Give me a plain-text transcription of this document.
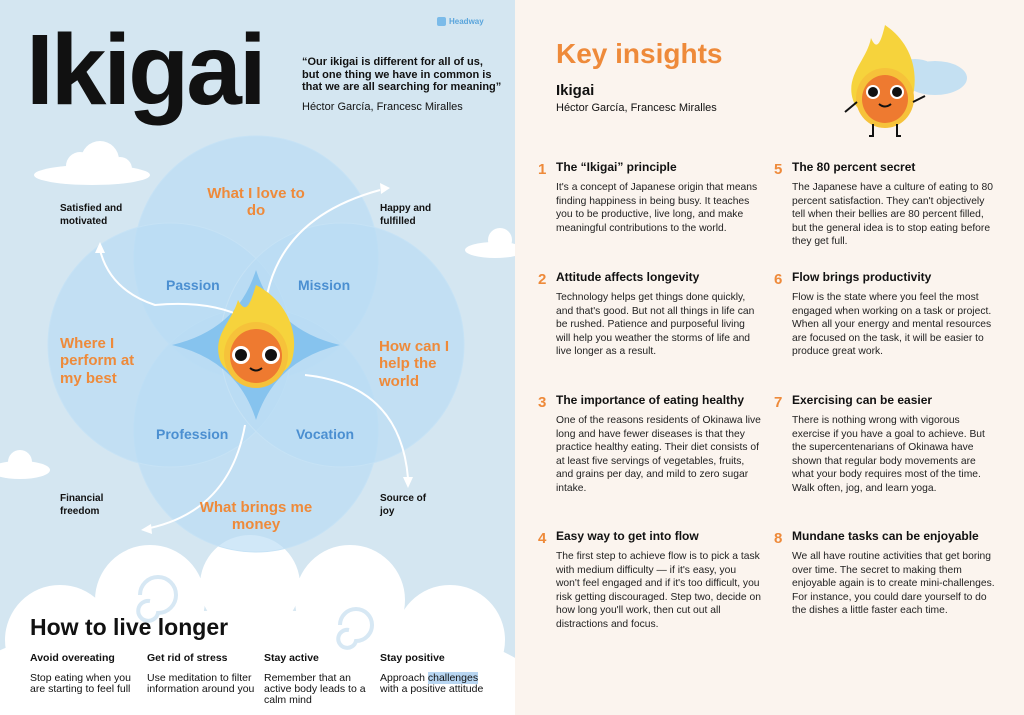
Ikigai	Headway
“Our ikigai is different for all of us, but one thing we have in common is that we are all searching for meaning”
Héctor García, Francesc Miralles
What I love to do
Where I perform at my best
How can I help the world
What brings me money
Passion	Mission
Profession	Vocation
Satisfied and motivated
Happy and fulfilled
Financial freedom
Source of joy
How to live longer
Avoid overeating
Stop eating when you are starting to feel full
Get rid of stress
Use meditation to filter information around you
Stay active
Remember that an active body leads to a calm mind
Stay positive
Approach challenges with a positive attitude
Key insights
Ikigai
Héctor García, Francesc Miralles
1 The “Ikigai” principle
It's a concept of Japanese origin that means finding happiness in being busy. It teaches you to be productive, live long, and make meaningful contributions to the world.
2 Attitude affects longevity
Technology helps get things done quickly, and that's good. But not all things in life can be rushed. Patience and purposeful living will help you weather the storms of life and live longer as a result.
3 The importance of eating healthy
One of the reasons residents of Okinawa live long and have fewer diseases is that they practice healthy eating. Their diet consists of at least five servings of vegetables, fruits, and grains per day, and mild to zero sugar intake.
4 Easy way to get into flow
The first step to achieve flow is to pick a task with medium difficulty — if it's easy, you won't feel engaged and if it's too difficult, you risk getting discouraged. Step two, decide on how long you'll work, then cut out all distractions and focus.
5 The 80 percent secret
The Japanese have a culture of eating to 80 percent satisfaction. They can't objectively tell when their bellies are 80 percent filled, but the general idea is to stop eating before they get full.
6 Flow brings productivity
Flow is the state where you feel the most engaged when working on a task or project. When all your energy and mental resources are focused on the task, it will be easier to produce great work.
7 Exercising can be easier
There is nothing wrong with vigorous exercise if you have a goal to achieve. But the supercentenarians of Okinawa have shown that regular body movements are what your body requires most of the time. Walk often, jog, and learn yoga.
8 Mundane tasks can be enjoyable
We all have routine activities that get boring over time. The secret to making them enjoyable again is to create mini-challenges. For instance, you could dare yourself to do the dishes a little faster each time.
